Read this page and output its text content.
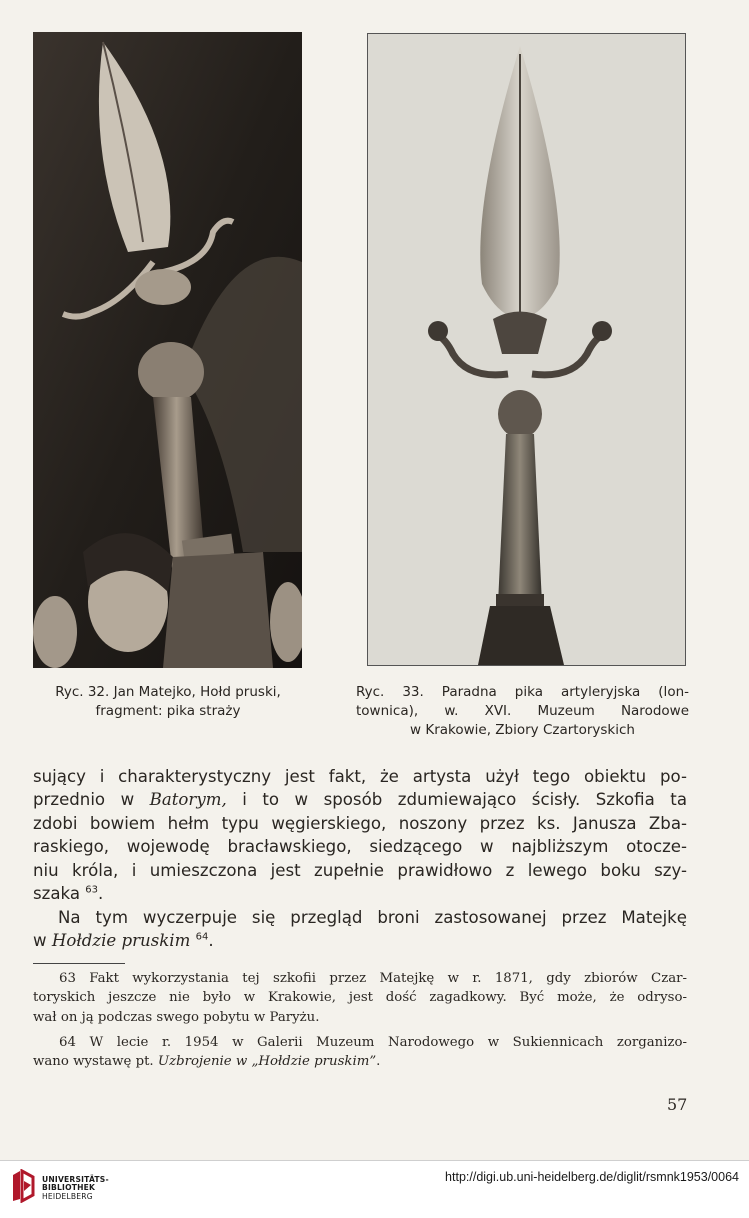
Ryc. 32. Jan Matejko, Hołd pruski,
fragment: pika straży
Ryc. 33. Paradna pika artyleryjska (lon-
townica), w. XVI. Muzeum Narodowe
w Krakowie, Zbiory Czartoryskich
sujący i charakterystyczny jest fakt, że artysta użył tego obiektu po-
przednio w Batorym, i to w sposób zdumiewająco ścisły. Szkofia ta
zdobi bowiem hełm typu węgierskiego, noszony przez ks. Janusza Zba-
raskiego, wojewodę bracławskiego, siedzącego w najbliższym otocze-
niu króla, i umieszczona jest zupełnie prawidłowo z lewego boku szy-
szaka $^{63}$.
Na tym wyczerpuje się przegląd broni zastosowanej przez Matejkę
w Hołdzie pruskim $^{64}$.
63 Fakt wykorzystania tej szkofii przez Matejkę w r. 1871, gdy zbiorów Czar-
toryskich jeszcze nie było w Krakowie, jest dość zagadkowy. Być może, że odryso-
wał on ją podczas swego pobytu w Paryżu.
64 W lecie r. 1954 w Galerii Muzeum Narodowego w Sukiennicach zorganizo-
wano wystawę pt. Uzbrojenie w „Hołdzie pruskim”.
57
UNIVERSITÄTS-
BIBLIOTHEK
HEIDELBERG
http://digi.ub.uni-heidelberg.de/diglit/rsmnk1953/0064
